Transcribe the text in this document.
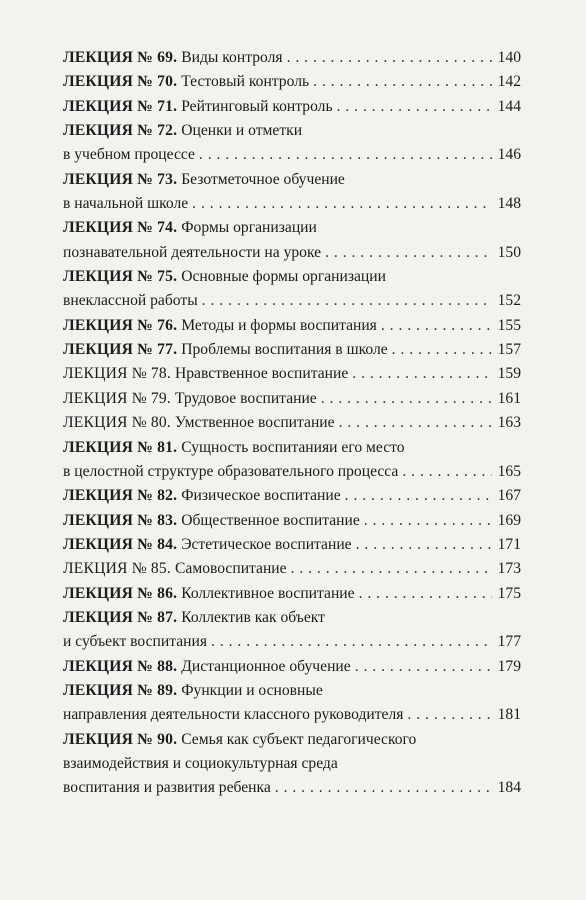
ЛЕКЦИЯ № 69. Виды контроля . . .	140
ЛЕКЦИЯ № 70. Тестовый контроль . . .	142
ЛЕКЦИЯ № 71. Рейтинговый контроль . . .	144
ЛЕКЦИЯ № 72. Оценки и отметки
в учебном процессе . . .	146
ЛЕКЦИЯ № 73. Безотметочное обучение
в начальной школе . . .	148
ЛЕКЦИЯ № 74. Формы организации
познавательной деятельности на уроке . . .	150
ЛЕКЦИЯ № 75. Основные формы организации
внеклассной работы . . .	152
ЛЕКЦИЯ № 76. Методы и формы воспитания . . .	155
ЛЕКЦИЯ № 77. Проблемы воспитания в школе . . .	157
ЛЕКЦИЯ № 78. Нравственное воспитание . . .	159
ЛЕКЦИЯ № 79. Трудовое воспитание . . .	161
ЛЕКЦИЯ № 80. Умственное воспитание . . .	163
ЛЕКЦИЯ № 81. Сущность воспитанияи его место
в целостной структуре образовательного процесса . . .	165
ЛЕКЦИЯ № 82. Физическое воспитание . . .	167
ЛЕКЦИЯ № 83. Общественное воспитание . . .	169
ЛЕКЦИЯ № 84. Эстетическое воспитание . . .	171
ЛЕКЦИЯ № 85. Самовоспитание . . .	173
ЛЕКЦИЯ № 86. Коллективное воспитание . . .	175
ЛЕКЦИЯ № 87. Коллектив как объект
и субъект воспитания . . .	177
ЛЕКЦИЯ № 88. Дистанционное обучение . . .	179
ЛЕКЦИЯ № 89. Функции и основные
направления деятельности классного руководителя . . .	181
ЛЕКЦИЯ № 90. Семья как субъект педагогического
взаимодействия и социокультурная среда
воспитания и развития ребенка . . .	184
